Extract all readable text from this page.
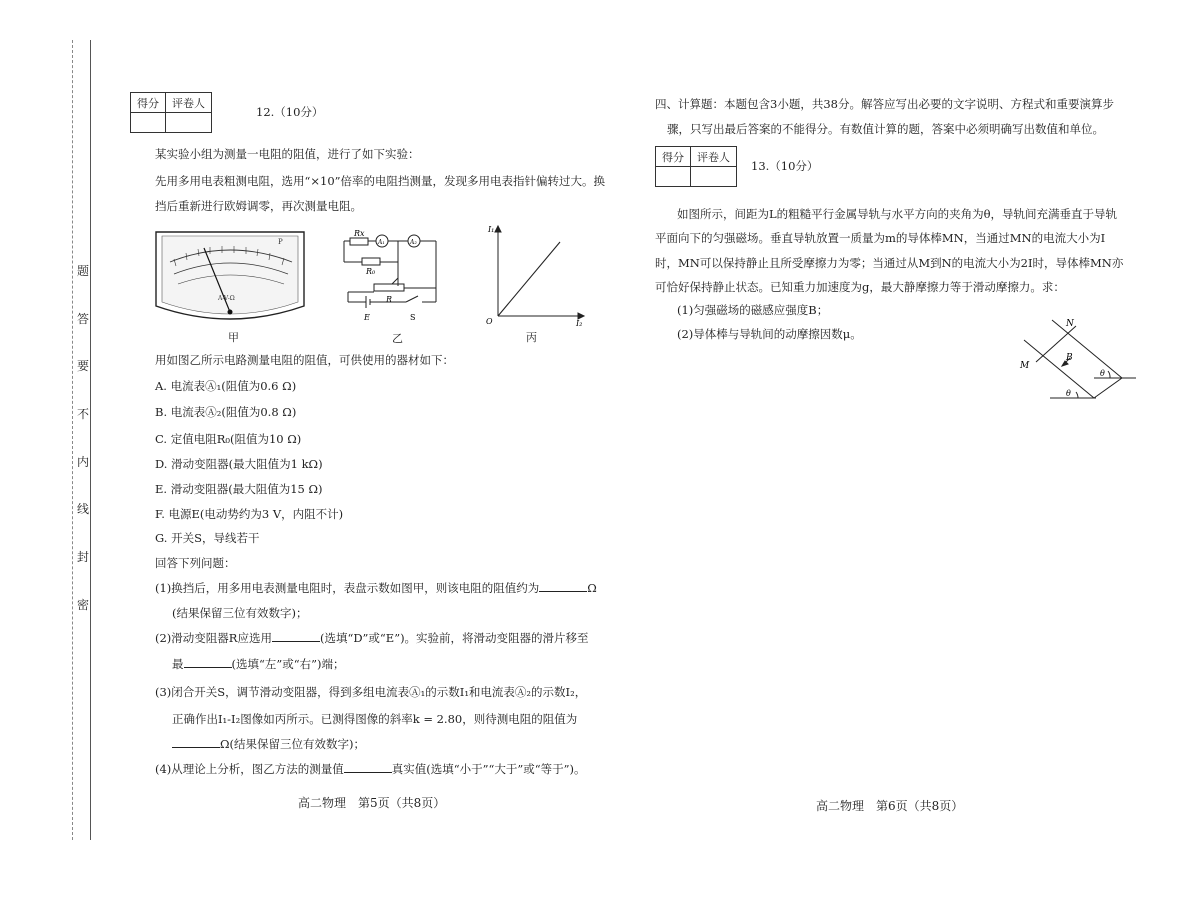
题
答
要
不
内
线
封
密
得分	评卷人

12.（10分）
某实验小组为测量一电阻的阻值，进行了如下实验：
先用多用电表粗测电阻，选用“×10”倍率的电阻挡测量，发现多用电表指针偏转过大。换
挡后重新进行欧姆调零，再次测量电阻。
A-V-Ω
P
甲
Rx
A₁	A₂
R₀
R
E	S
乙
I₁
I₂
O
丙
用如图乙所示电路测量电阻的阻值，可供使用的器材如下：
A. 电流表Ⓐ₁(阻值为0.6 Ω)
B. 电流表Ⓐ₂(阻值为0.8 Ω)
C. 定值电阻R₀(阻值为10 Ω)
D. 滑动变阻器(最大阻值为1 kΩ)
E. 滑动变阻器(最大阻值为15 Ω)
F. 电源E(电动势约为3 V，内阻不计)
G. 开关S，导线若干
回答下列问题：
(1)换挡后，用多用电表测量电阻时，表盘示数如图甲，则该电阻的阻值约为	Ω
(结果保留三位有效数字)；
(2)滑动变阻器R应选用	(选填“D”或“E”)。实验前，将滑动变阻器的滑片移至
最	(选填“左”或“右”)端；
(3)闭合开关S，调节滑动变阻器，得到多组电流表Ⓐ₁的示数I₁和电流表Ⓐ₂的示数I₂，
正确作出I₁-I₂图像如丙所示。已测得图像的斜率k = 2.80，则待测电阻的阻值为
Ω(结果保留三位有效数字)；
(4)从理论上分析，图乙方法的测量值	真实值(选填“小于”“大于”或“等于”)。
高二物理　第5页（共8页）
四、计算题：本题包含3小题，共38分。解答应写出必要的文字说明、方程式和重要演算步
骤，只写出最后答案的不能得分。有数值计算的题，答案中必须明确写出数值和单位。
得分	评卷人

13.（10分）
如图所示，间距为L的粗糙平行金属导轨与水平方向的夹角为θ，导轨间充满垂直于导轨
平面向下的匀强磁场。垂直导轨放置一质量为m的导体棒MN，当通过MN的电流大小为I
时，MN可以保持静止且所受摩擦力为零；当通过从M到N的电流大小为2I时，导体棒MN亦
可恰好保持静止状态。已知重力加速度为g，最大静摩擦力等于滑动摩擦力。求：
(1)匀强磁场的磁感应强度B；
(2)导体棒与导轨间的动摩擦因数μ。
N
M
B
θ
θ
高二物理　第6页（共8页）
